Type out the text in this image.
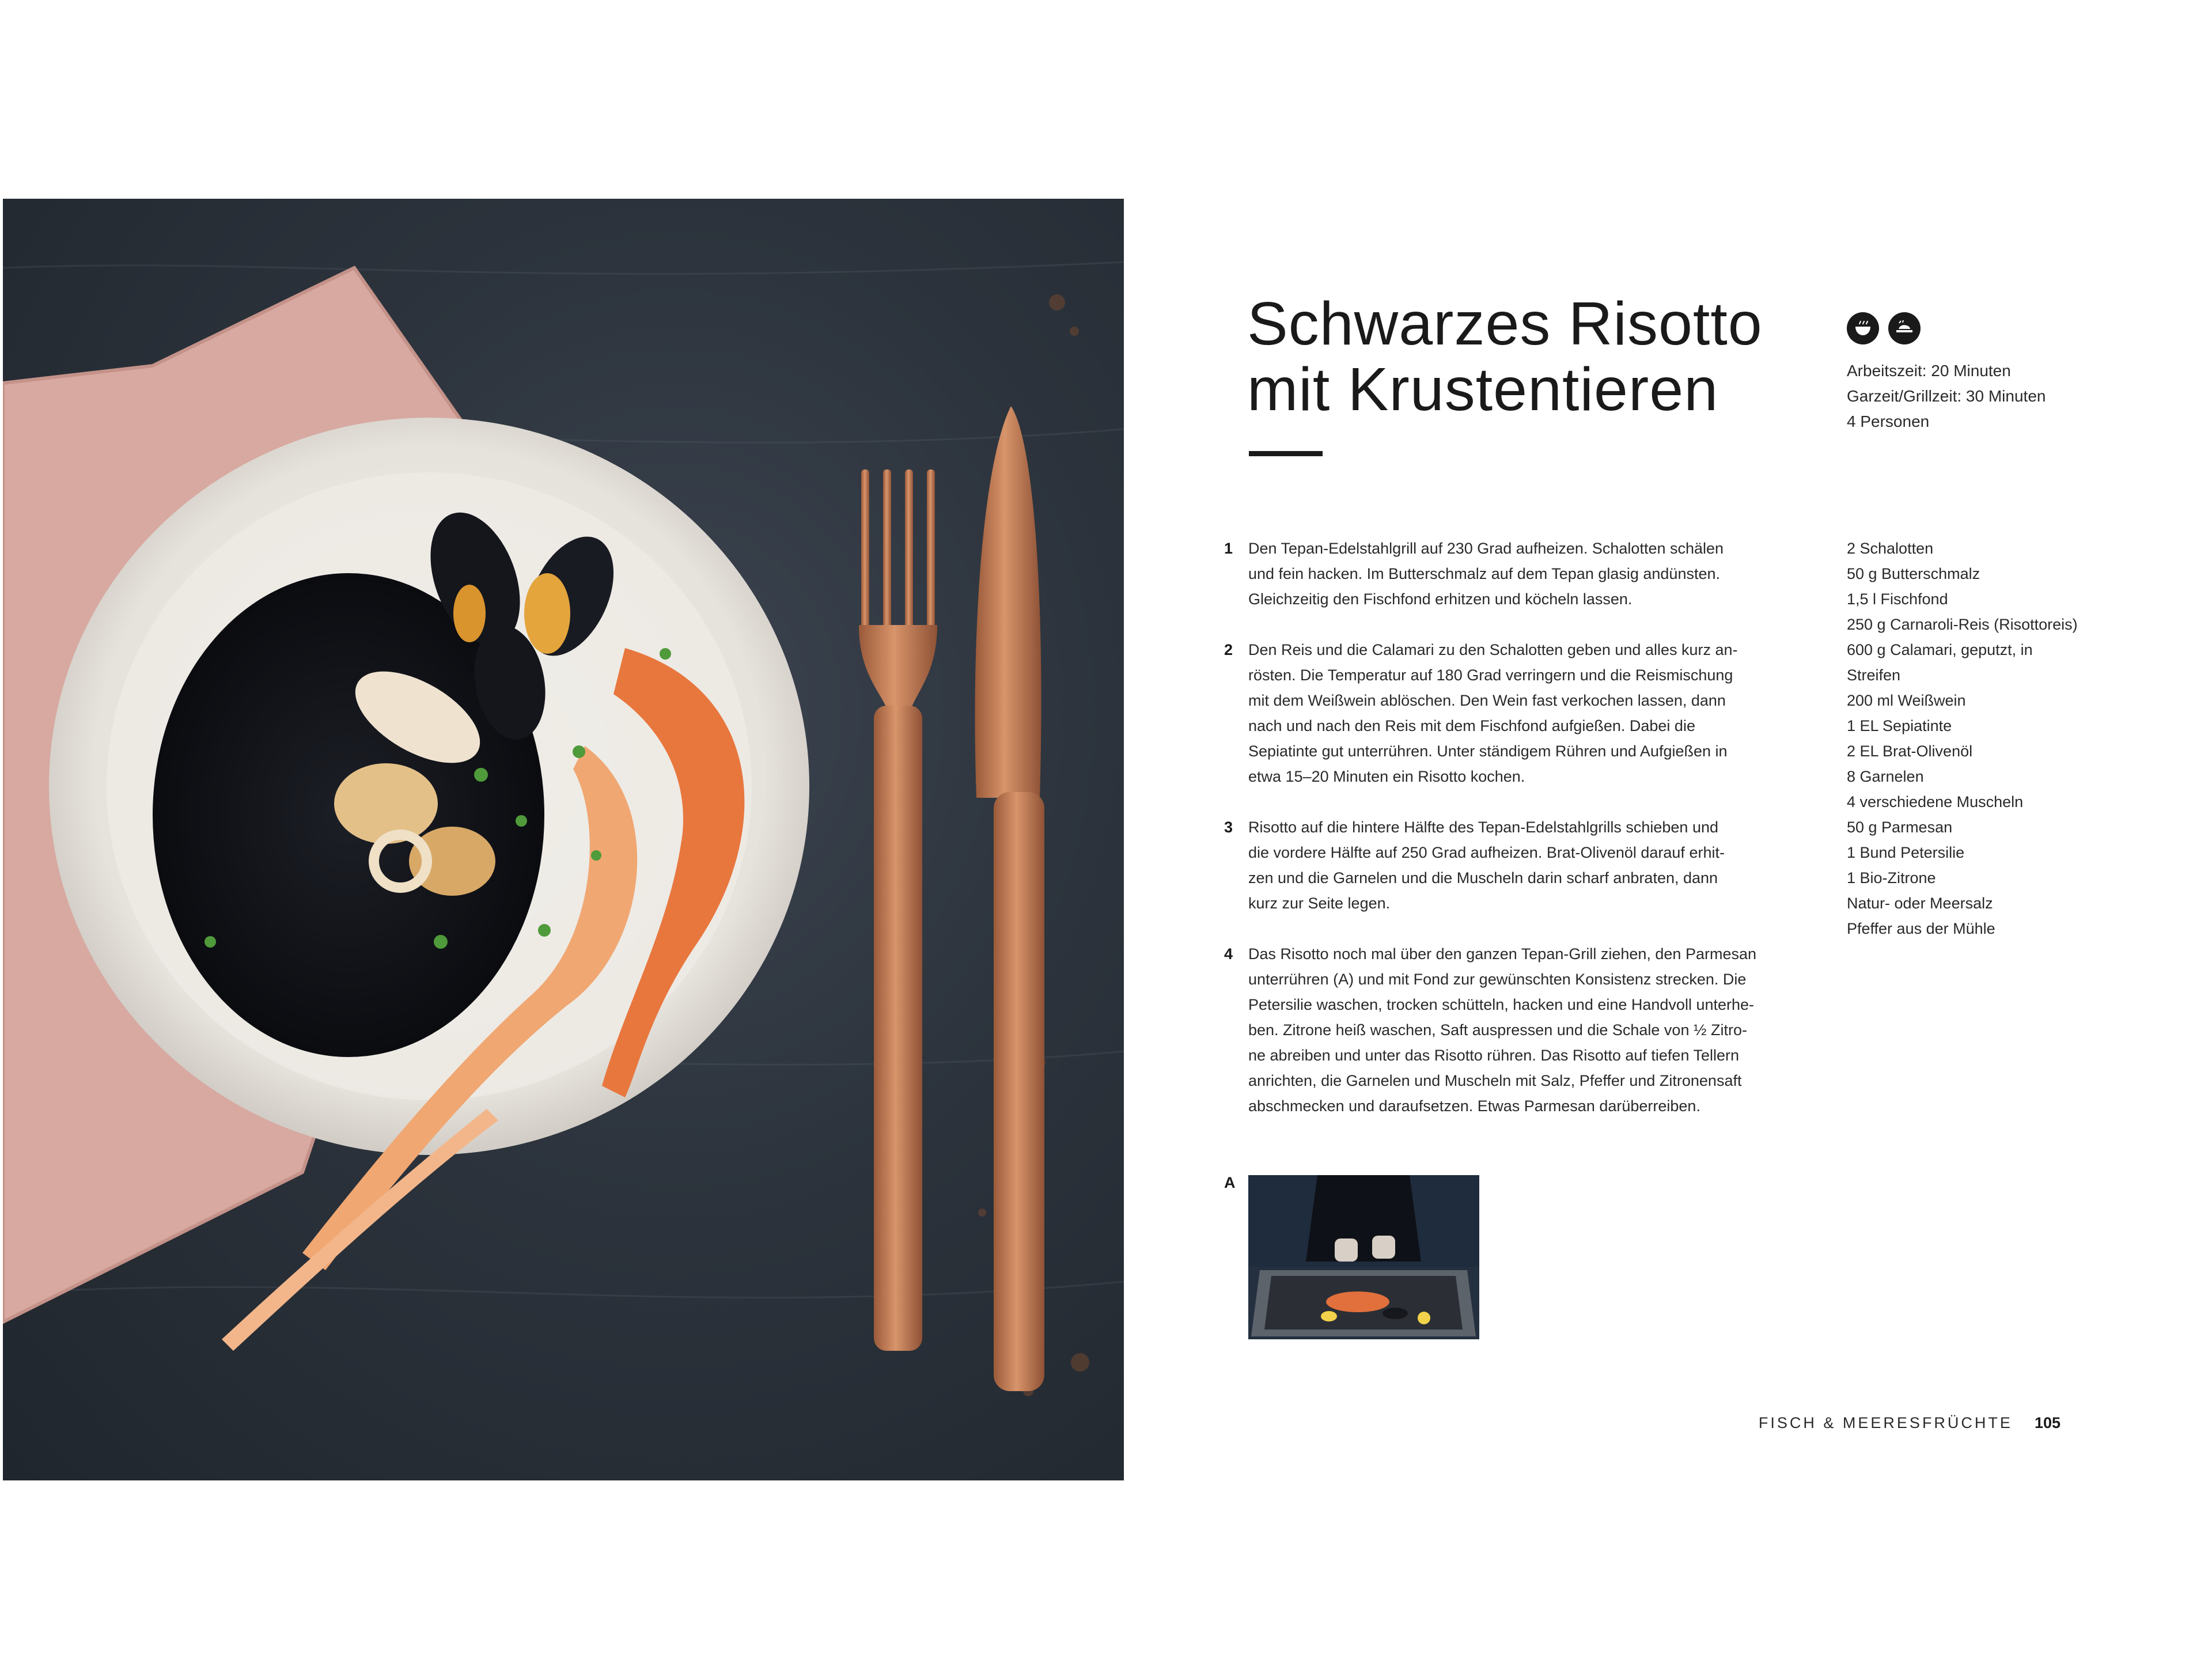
Schwarzes Risotto
mit Krustentieren	Arbeitszeit: 20 Minuten
Garzeit/Grillzeit: 30 Minuten
4 Personen
1 Den Tepan-Edelstahlgrill auf 230 Grad aufheizen. Schalotten schälen
und fein hacken. Im Butterschmalz auf dem Tepan glasig andünsten.
Gleichzeitig den Fischfond erhitzen und köcheln lassen.
2 Den Reis und die Calamari zu den Schalotten geben und alles kurz an-
rösten. Die Temperatur auf 180 Grad verringern und die Reismischung
mit dem Weißwein ablöschen. Den Wein fast verkochen lassen, dann
nach und nach den Reis mit dem Fischfond aufgießen. Dabei die
Sepiatinte gut unterrühren. Unter ständigem Rühren und Aufgießen in
etwa 15–20 Minuten ein Risotto kochen.
3 Risotto auf die hintere Hälfte des Tepan-Edelstahlgrills schieben und
die vordere Hälfte auf 250 Grad aufheizen. Brat-Olivenöl darauf erhit-
zen und die Garnelen und die Muscheln darin scharf anbraten, dann
kurz zur Seite legen.
4 Das Risotto noch mal über den ganzen Tepan-Grill ziehen, den Parmesan
unterrühren (A) und mit Fond zur gewünschten Konsistenz strecken. Die
Petersilie waschen, trocken schütteln, hacken und eine Handvoll unterhe-
ben. Zitrone heiß waschen, Saft auspressen und die Schale von ½ Zitro-
ne abreiben und unter das Risotto rühren. Das Risotto auf tiefen Tellern
anrichten, die Garnelen und Muscheln mit Salz, Pfeffer und Zitronensaft
abschmecken und daraufsetzen. Etwas Parmesan darüberreiben.
2 Schalotten
50 g Butterschmalz
1,5 l Fischfond
250 g Carnaroli-Reis (Risottoreis)
600 g Calamari, geputzt, in
Streifen
200 ml Weißwein
1 EL Sepiatinte
2 EL Brat-Olivenöl
8 Garnelen
4 verschiedene Muscheln
50 g Parmesan
1 Bund Petersilie
1 Bio-Zitrone
Natur- oder Meersalz
Pfeffer aus der Mühle
A
FISCH & MEERESFRÜCHTE 105
